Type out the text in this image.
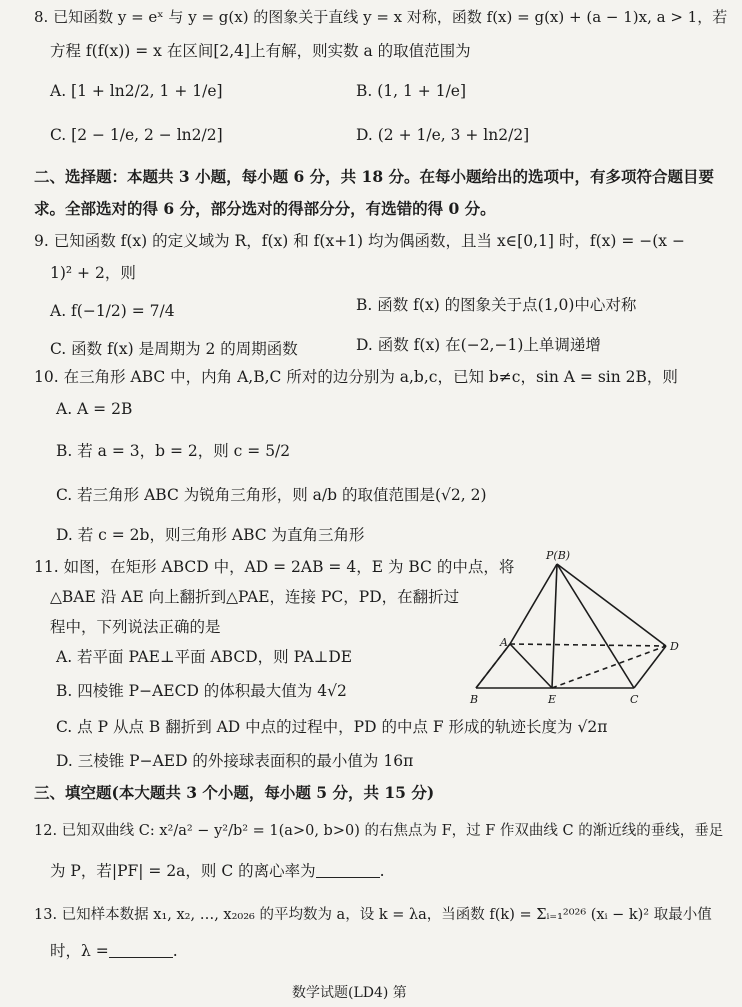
8. 已知函数 y = eˣ 与 y = g(x) 的图象关于直线 y = x 对称，函数 f(x) = g(x) + (a − 1)x, a > 1，若
方程 f(f(x)) = x 在区间[2,4]上有解，则实数 a 的取值范围为
A. [1 + ln2/2, 1 + 1/e]	B. (1, 1 + 1/e]
C. [2 − 1/e, 2 − ln2/2]	D. (2 + 1/e, 3 + ln2/2]
二、选择题：本题共 3 小题，每小题 6 分，共 18 分。在每小题给出的选项中，有多项符合题目要
求。全部选对的得 6 分，部分选对的得部分分，有选错的得 0 分。
9. 已知函数 f(x) 的定义域为 R，f(x) 和 f(x+1) 均为偶函数，且当 x∈[0,1] 时，f(x) = −(x −
1)² + 2，则
A. f(−1/2) = 7/4	B. 函数 f(x) 的图象关于点(1,0)中心对称
C. 函数 f(x) 是周期为 2 的周期函数	D. 函数 f(x) 在(−2,−1)上单调递增
10. 在三角形 ABC 中，内角 A,B,C 所对的边分别为 a,b,c，已知 b≠c，sin A = sin 2B，则
A. A = 2B
B. 若 a = 3，b = 2，则 c = 5/2
C. 若三角形 ABC 为锐角三角形，则 a/b 的取值范围是(√2, 2)
D. 若 c = 2b，则三角形 ABC 为直角三角形
11. 如图，在矩形 ABCD 中，AD = 2AB = 4，E 为 BC 的中点，将
△BAE 沿 AE 向上翻折到△PAE，连接 PC，PD，在翻折过
程中，下列说法正确的是
A. 若平面 PAE⊥平面 ABCD，则 PA⊥DE
B. 四棱锥 P−AECD 的体积最大值为 4√2
C. 点 P 从点 B 翻折到 AD 中点的过程中，PD 的中点 F 形成的轨迹长度为 √2π
D. 三棱锥 P−AED 的外接球表面积的最小值为 16π
P(B)
A
B	E	C
D
三、填空题(本大题共 3 个小题，每小题 5 分，共 15 分)
12. 已知双曲线 C: x²/a² − y²/b² = 1(a>0, b>0) 的右焦点为 F，过 F 作双曲线 C 的渐近线的垂线，垂足
为 P，若|PF| = 2a，则 C 的离心率为	.
13. 已知样本数据 x₁, x₂, …, x₂₀₂₆ 的平均数为 a，设 k = λa，当函数 f(k) = Σᵢ₌₁²⁰²⁶ (xᵢ − k)² 取最小值
时，λ =	.
数学试题(LD4) 第
